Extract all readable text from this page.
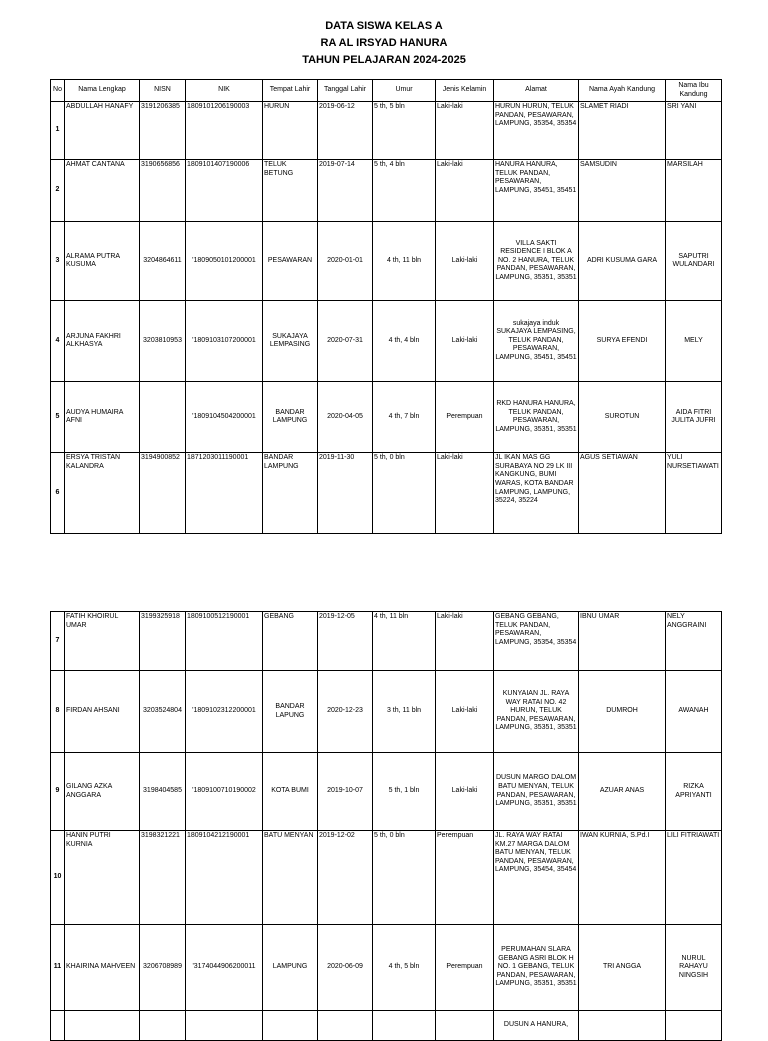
DATA SISWA KELAS A
RA AL IRSYAD HANURA
TAHUN PELAJARAN 2024-2025
No	Nama Lengkap	NISN	NIK	Tempat Lahir	Tanggal Lahir	Umur	Jenis Kelamin	Alamat	Nama Ayah Kandung	Nama Ibu Kandung
1	ABDULLAH HANAFY	3191206385	1809101206190003	HURUN	2019-06-12	5 th, 5 bln	Laki-laki	HURUN HURUN, TELUK PANDAN, PESAWARAN, LAMPUNG, 35354, 35354	SLAMET RIADI	SRI YANI
2	AHMAT CANTANA	3190656856	1809101407190006	TELUK BETUNG	2019-07-14	5 th, 4 bln	Laki-laki	HANURA HANURA, TELUK PANDAN, PESAWARAN, LAMPUNG, 35451, 35451	SAMSUDIN	MARSILAH
3	ALRAMA PUTRA KUSUMA	3204864611	'1809050101200001	PESAWARAN	2020-01-01	4 th, 11 bln	Laki-laki	VILLA SAKTI RESIDENCE I BLOK A NO. 2 HANURA, TELUK PANDAN, PESAWARAN, LAMPUNG, 35351, 35351	ADRI KUSUMA GARA	SAPUTRI WULANDARI
4	ARJUNA FAKHRI ALKHASYA	3203810953	'1809103107200001	SUKAJAYA LEMPASING	2020-07-31	4 th, 4 bln	Laki-laki	sukajaya induk SUKAJAYA LEMPASING, TELUK PANDAN, PESAWARAN, LAMPUNG, 35451, 35451	SURYA EFENDI	MELY
5	AUDYA HUMAIRA AFNI		'1809104504200001	BANDAR LAMPUNG	2020-04-05	4 th, 7 bln	Perempuan	RKD HANURA HANURA, TELUK PANDAN, PESAWARAN, LAMPUNG, 35351, 35351	SUROTUN	AIDA FITRI JULITA JUFRI
6	ERSYA TRISTAN KALANDRA	3194900852	1871203011190001	BANDAR LAMPUNG	2019-11-30	5 th, 0 bln	Laki-laki	JL IKAN MAS GG SURABAYA NO 29 LK III KANGKUNG, BUMI WARAS, KOTA BANDAR LAMPUNG, LAMPUNG, 35224, 35224	AGUS SETIAWAN	YULI NURSETIAWATI
7	FATIH KHOIRUL UMAR	3199325918	1809100512190001	GEBANG	2019-12-05	4 th, 11 bln	Laki-laki	GEBANG GEBANG, TELUK PANDAN, PESAWARAN, LAMPUNG, 35354, 35354	IBNU UMAR	NELY ANGGRAINI
8	FIRDAN AHSANI	3203524804	'1809102312200001	BANDAR LAPUNG	2020-12-23	3 th, 11 bln	Laki-laki	KUNYAIAN JL. RAYA WAY RATAI NO. 42 HURUN, TELUK PANDAN, PESAWARAN, LAMPUNG, 35351, 35351	DUMROH	AWANAH
9	GILANG AZKA ANGGARA	3198404585	'1809100710190002	KOTA BUMI	2019-10-07	5 th, 1 bln	Laki-laki	DUSUN MARGO DALOM BATU MENYAN, TELUK PANDAN, PESAWARAN, LAMPUNG, 35351, 35351	AZUAR ANAS	RIZKA APRIYANTI
10	HANIN PUTRI KURNIA	3198321221	1809104212190001	BATU MENYAN	2019-12-02	5 th, 0 bln	Perempuan	JL. RAYA WAY RATAI KM.27 MARGA DALOM BATU MENYAN, TELUK PANDAN, PESAWARAN, LAMPUNG, 35454, 35454	IWAN KURNIA, S.Pd.I	LILI FITRIAWATI
11	KHAIRINA MAHVEEN	3206708989	'3174044906200011	LAMPUNG	2020-06-09	4 th, 5 bln	Perempuan	PERUMAHAN SLARA GEBANG ASRI BLOK H NO. 1 GEBANG, TELUK PANDAN, PESAWARAN, LAMPUNG, 35351, 35351	TRI ANGGA	NURUL RAHAYU NINGSIH
								DUSUN A HANURA,		
